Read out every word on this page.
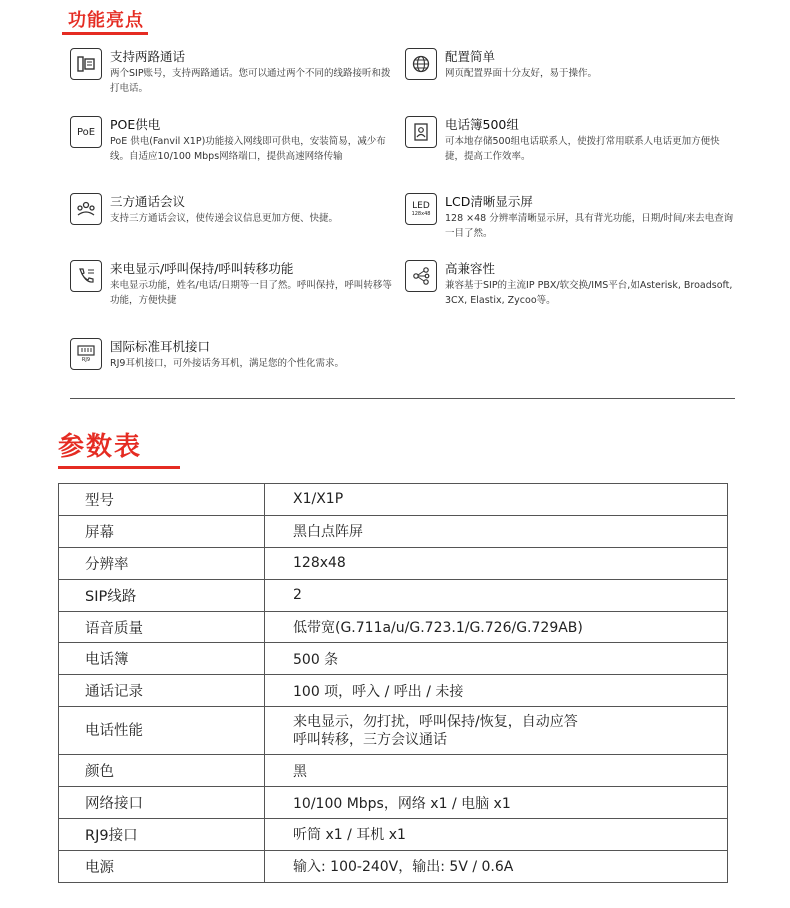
功能亮点
支持两路通话
两个SIP账号，支持两路通话。您可以通过两个不同的线路接听和拨打电话。
PoE POE供电
PoE 供电(Fanvil X1P)功能接入网线即可供电，安装简易，减少布线。自适应10/100 Mbps网络端口，提供高速网络传输
三方通话会议
支持三方通话会议，使传递会议信息更加方便、快捷。
来电显示/呼叫保持/呼叫转移功能
来电显示功能，姓名/电话/日期等一目了然。呼叫保持，呼叫转移等功能，方便快捷
RJ9
国际标准耳机接口
RJ9耳机接口，可外接话务耳机，满足您的个性化需求。
配置简单
网页配置界面十分友好，易于操作。
电话簿500组
可本地存储500组电话联系人，使拨打常用联系人电话更加方便快捷，提高工作效率。
LED
128x48
LCD清晰显示屏
128 ×48 分辨率清晰显示屏，具有背光功能，日期/时间/来去电查询一目了然。
高兼容性
兼容基于SIP的主流IP PBX/软交换/IMS平台,如Asterisk, Broadsoft, 3CX, Elastix, Zycoo等。
参数表
型号	X1/X1P
屏幕	黑白点阵屏
分辨率	128x48
SIP线路	2
语音质量	低带宽(G.711a/u/G.723.1/G.726/G.729AB)
电话簿	500 条
通话记录	100 项，呼入 / 呼出 / 未接
电话性能	来电显示，勿打扰，呼叫保持/恢复，自动应答
呼叫转移，三方会议通话

颜色	黑
网络接口	10/100 Mbps，网络 x1 / 电脑 x1
RJ9接口	听筒 x1 / 耳机 x1
电源	输入: 100-240V，输出: 5V / 0.6A
